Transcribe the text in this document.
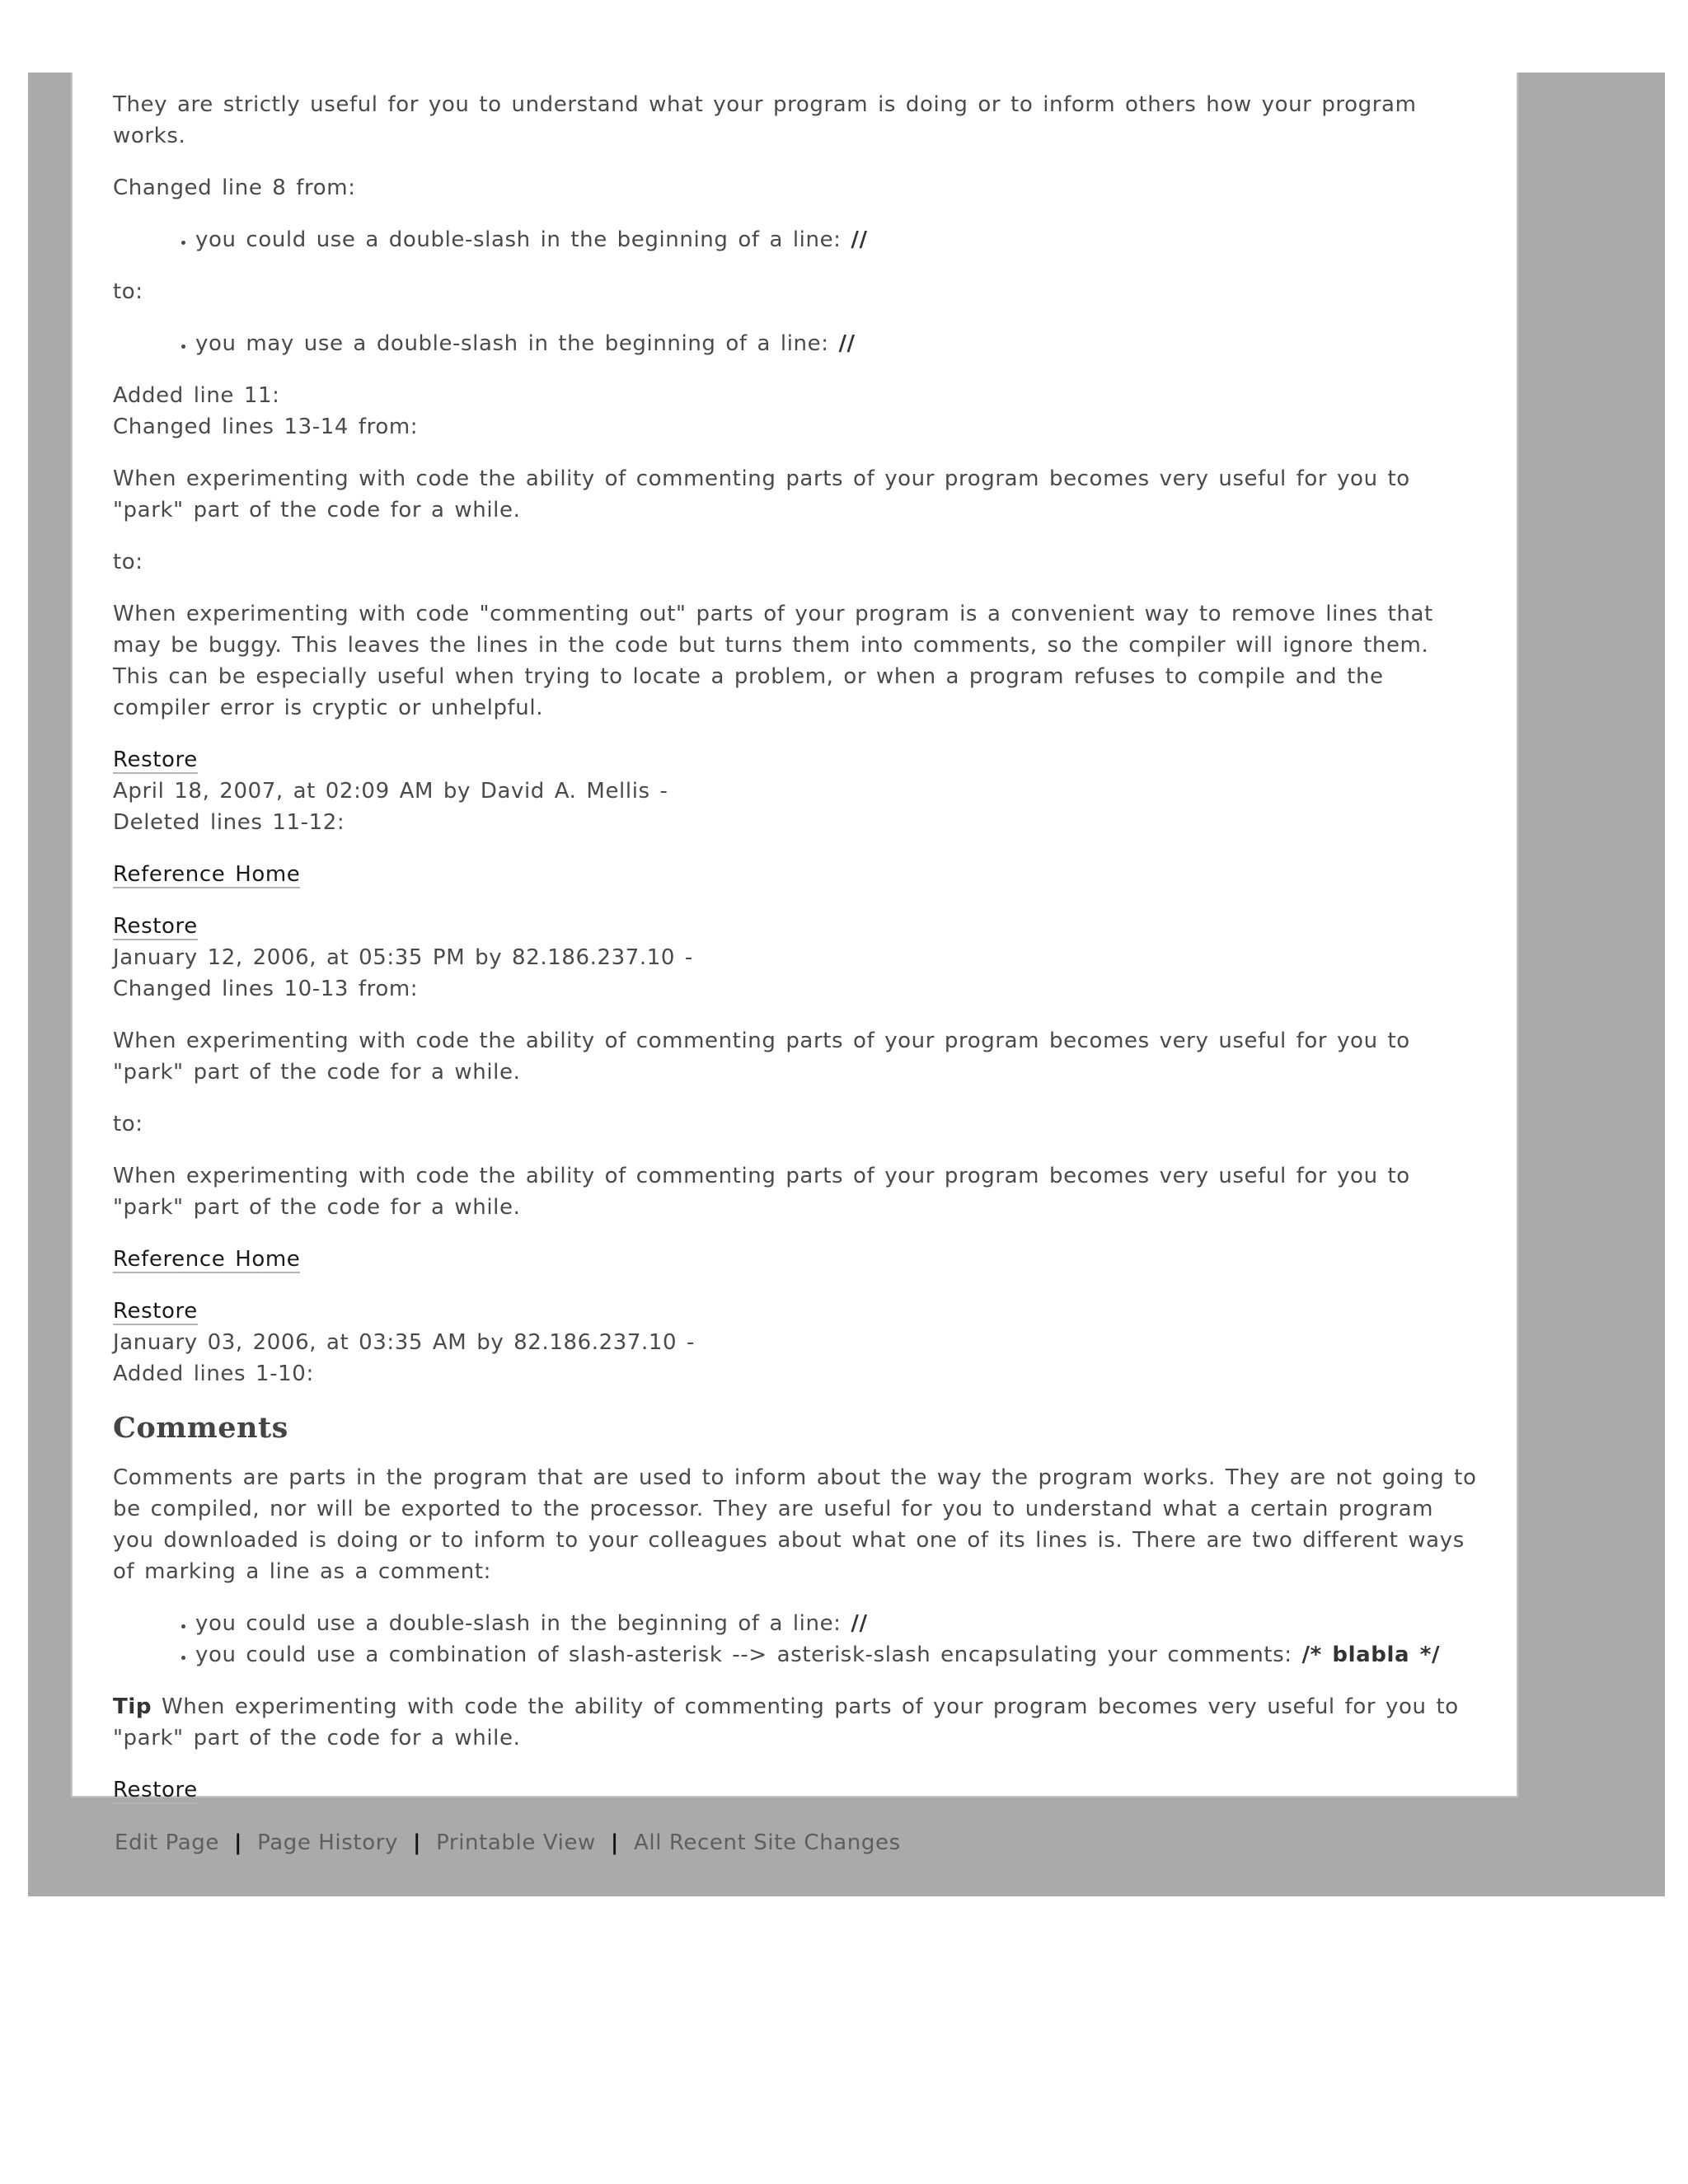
They are strictly useful for you to understand what your program is doing or to inform others how your program works.

Changed line 8 from:

• you could use a double-slash in the beginning of a line: //

to:

• you may use a double-slash in the beginning of a line: //

Added line 11:
Changed lines 13-14 from:

When experimenting with code the ability of commenting parts of your program becomes very useful for you to "park" part of the code for a while.

to:

When experimenting with code "commenting out" parts of your program is a convenient way to remove lines that may be buggy. This leaves the lines in the code but turns them into comments, so the compiler will ignore them. This can be especially useful when trying to locate a problem, or when a program refuses to compile and the compiler error is cryptic or unhelpful.

Restore
April 18, 2007, at 02:09 AM by David A. Mellis -
Deleted lines 11-12:

Reference Home

Restore
January 12, 2006, at 05:35 PM by 82.186.237.10 -
Changed lines 10-13 from:

When experimenting with code the ability of commenting parts of your program becomes very useful for you to "park" part of the code for a while.

to:

When experimenting with code the ability of commenting parts of your program becomes very useful for you to "park" part of the code for a while.

Reference Home

Restore
January 03, 2006, at 03:35 AM by 82.186.237.10 -
Added lines 1-10:

Comments

Comments are parts in the program that are used to inform about the way the program works. They are not going to be compiled, nor will be exported to the processor. They are useful for you to understand what a certain program you downloaded is doing or to inform to your colleagues about what one of its lines is. There are two different ways of marking a line as a comment:

• you could use a double-slash in the beginning of a line: //
• you could use a combination of slash-asterisk --> asterisk-slash encapsulating your comments: /* blabla */

Tip When experimenting with code the ability of commenting parts of your program becomes very useful for you to "park" part of the code for a while.

Restore

Edit Page | Page History | Printable View | All Recent Site Changes
